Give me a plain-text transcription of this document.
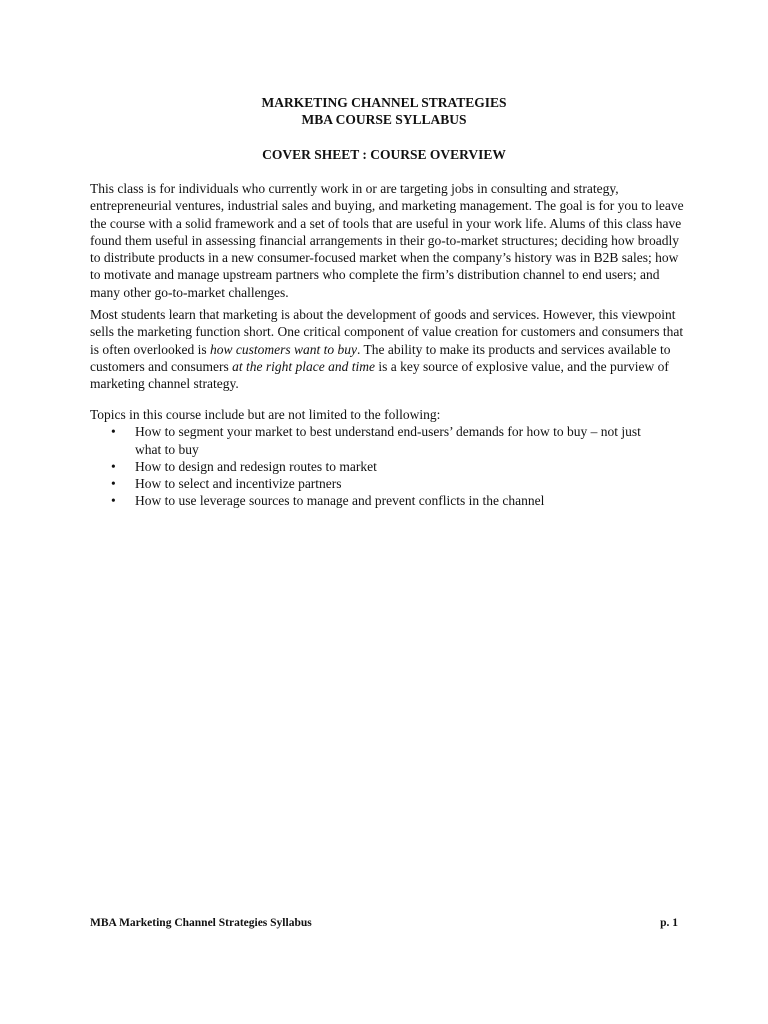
MARKETING CHANNEL STRATEGIES
MBA COURSE SYLLABUS
COVER SHEET : COURSE OVERVIEW

This class is for individuals who currently work in or are targeting jobs in consulting and strategy, entrepreneurial ventures, industrial sales and buying, and marketing management. The goal is for you to leave the course with a solid framework and a set of tools that are useful in your work life. Alums of this class have found them useful in assessing financial arrangements in their go-to-market structures; deciding how broadly to distribute products in a new consumer-focused market when the company’s history was in B2B sales; how to motivate and manage upstream partners who complete the firm’s distribution channel to end users; and many other go-to-market challenges.

Most students learn that marketing is about the development of goods and services. However, this viewpoint sells the marketing function short. One critical component of value creation for customers and consumers that is often overlooked is how customers want to buy. The ability to make its products and services available to customers and consumers at the right place and time is a key source of explosive value, and the purview of marketing channel strategy.

Topics in this course include but are not limited to the following:

• How to segment your market to best understand end-users’ demands for how to buy – not just what to buy
• How to design and redesign routes to market
• How to select and incentivize partners
• How to use leverage sources to manage and prevent conflicts in the channel
MBA Marketing Channel Strategies Syllabus	p. 1
